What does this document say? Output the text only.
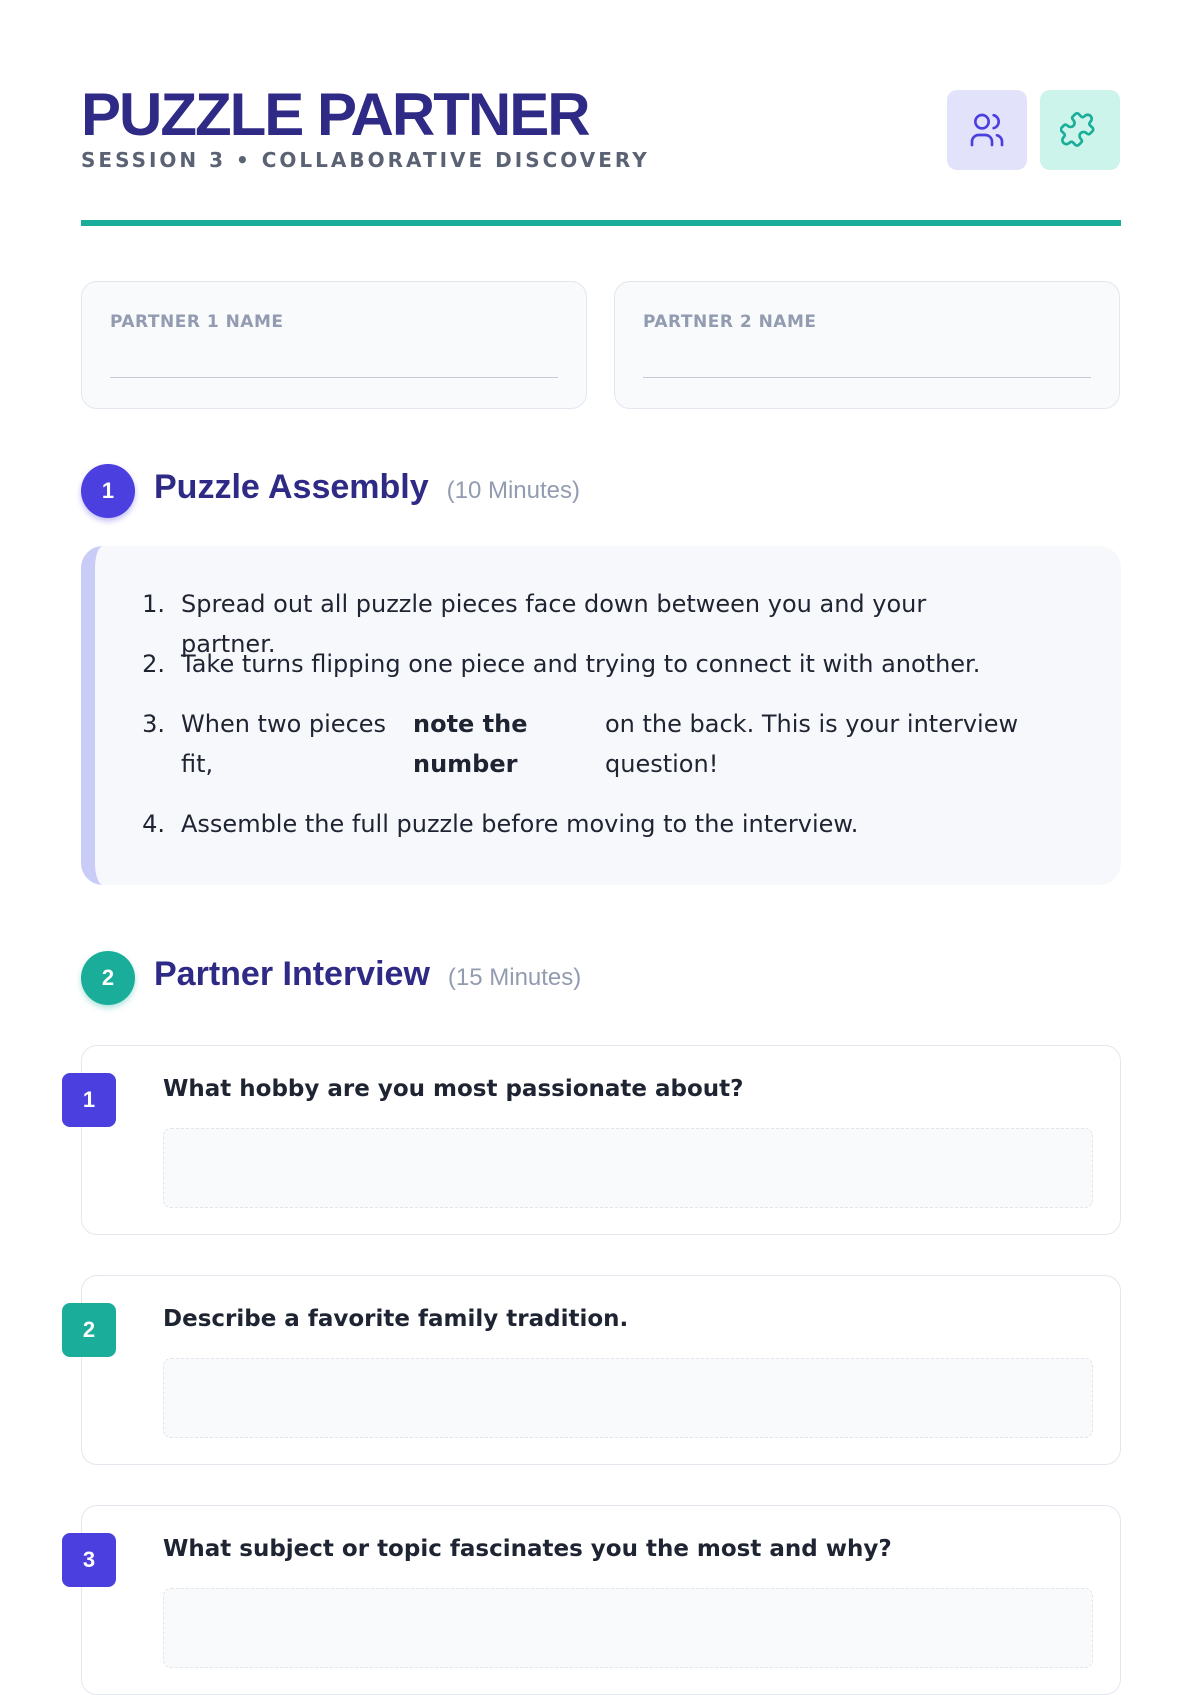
PUZZLE PARTNER
SESSION 3 • COLLABORATIVE DISCOVERY
PARTNER 1 NAME	PARTNER 2 NAME
1	Puzzle Assembly (10 Minutes)
1. Spread out all puzzle pieces face down between you and your partner.
2. Take turns flipping one piece and trying to connect it with another.
3. When two pieces fit,
note the number
on the back. This is your interview question!
4. Assemble the full puzzle before moving to the interview.
2	Partner Interview (15 Minutes)
What hobby are you most passionate about?
1
Describe a favorite family tradition.
2
What subject or topic fascinates you the most and why?
3
